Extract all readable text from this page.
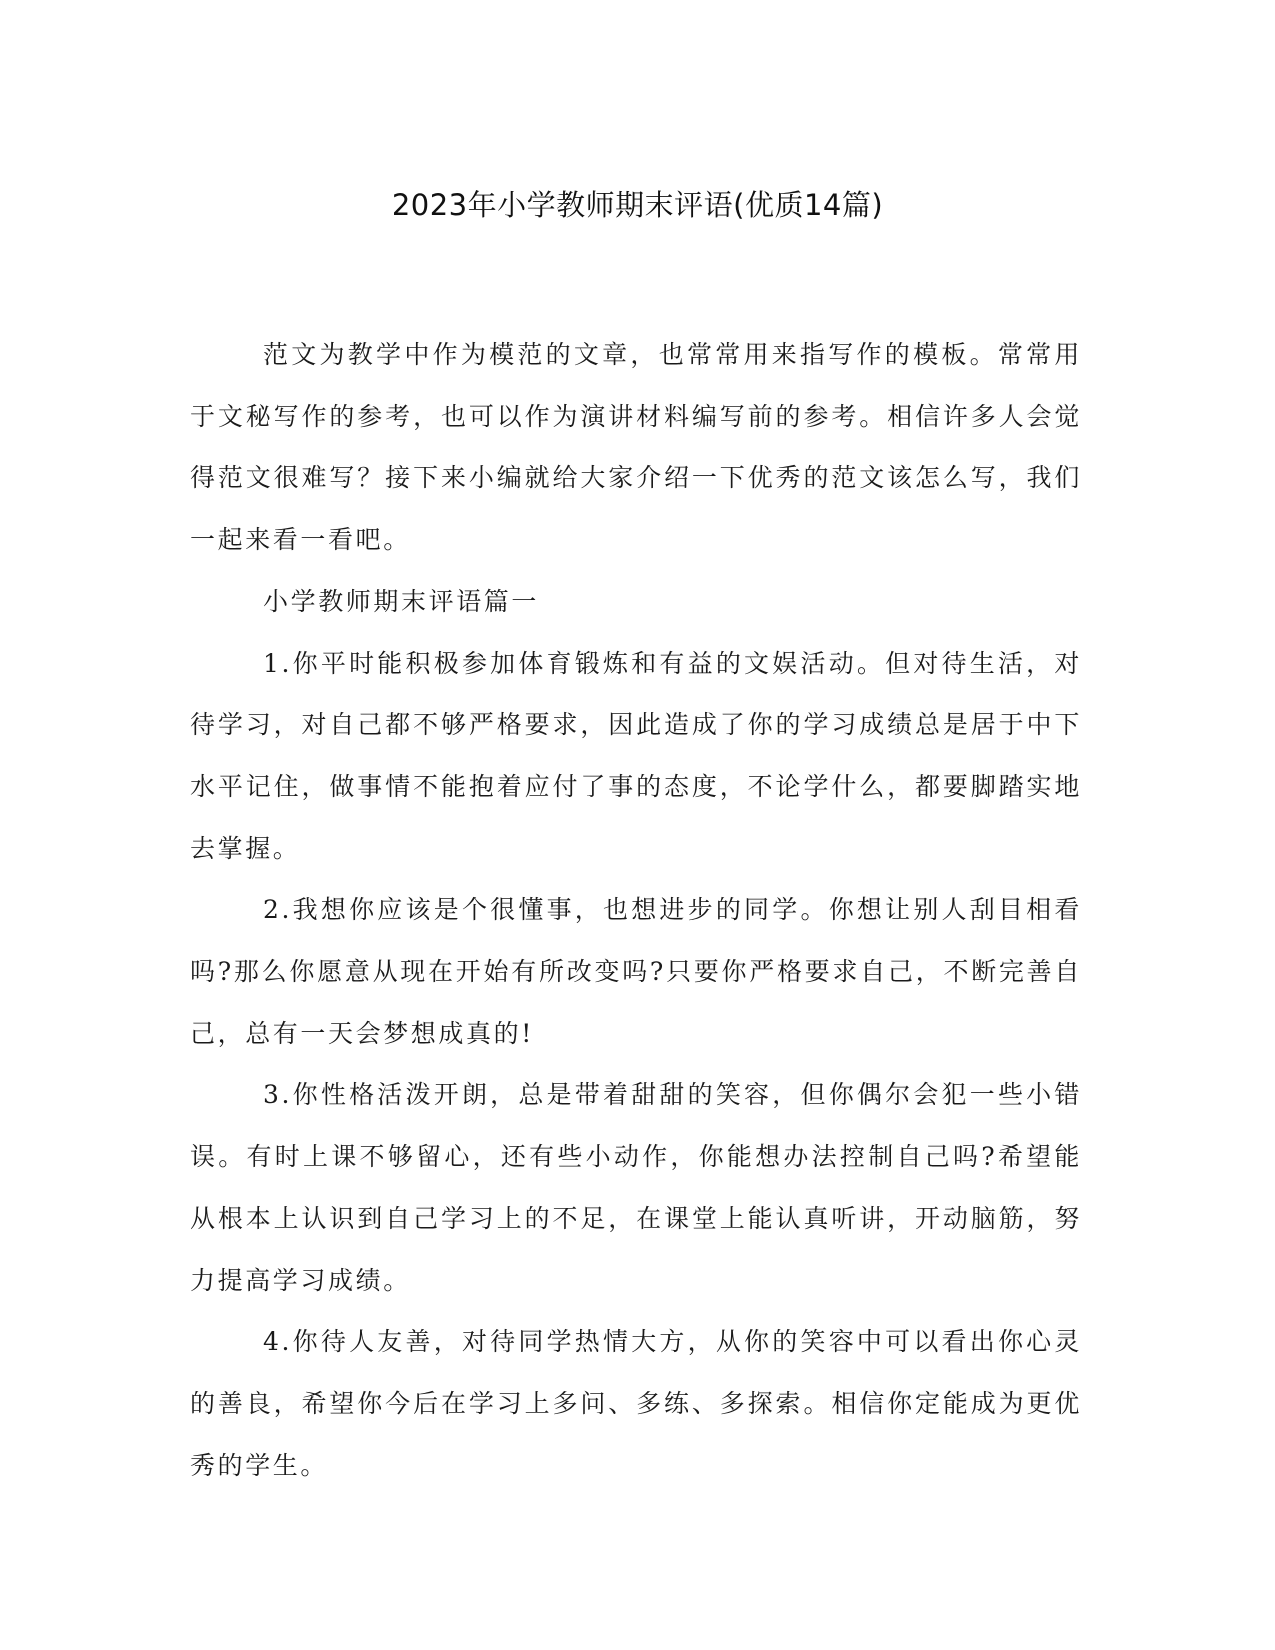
2023年小学教师期末评语(优质14篇)

范文为教学中作为模范的文章，也常常用来指写作的模板。常常用于文秘写作的参考，也可以作为演讲材料编写前的参考。相信许多人会觉得范文很难写？接下来小编就给大家介绍一下优秀的范文该怎么写，我们一起来看一看吧。

小学教师期末评语篇一

1.你平时能积极参加体育锻炼和有益的文娱活动。但对待生活，对待学习，对自己都不够严格要求，因此造成了你的学习成绩总是居于中下水平记住，做事情不能抱着应付了事的态度，不论学什么，都要脚踏实地去掌握。

2.我想你应该是个很懂事，也想进步的同学。你想让别人刮目相看吗?那么你愿意从现在开始有所改变吗?只要你严格要求自己，不断完善自己，总有一天会梦想成真的!

3.你性格活泼开朗，总是带着甜甜的笑容，但你偶尔会犯一些小错误。有时上课不够留心，还有些小动作，你能想办法控制自己吗?希望能从根本上认识到自己学习上的不足，在课堂上能认真听讲，开动脑筋，努力提高学习成绩。

4.你待人友善，对待同学热情大方，从你的笑容中可以看出你心灵的善良，希望你今后在学习上多问、多练、多探索。相信你定能成为更优秀的学生。
